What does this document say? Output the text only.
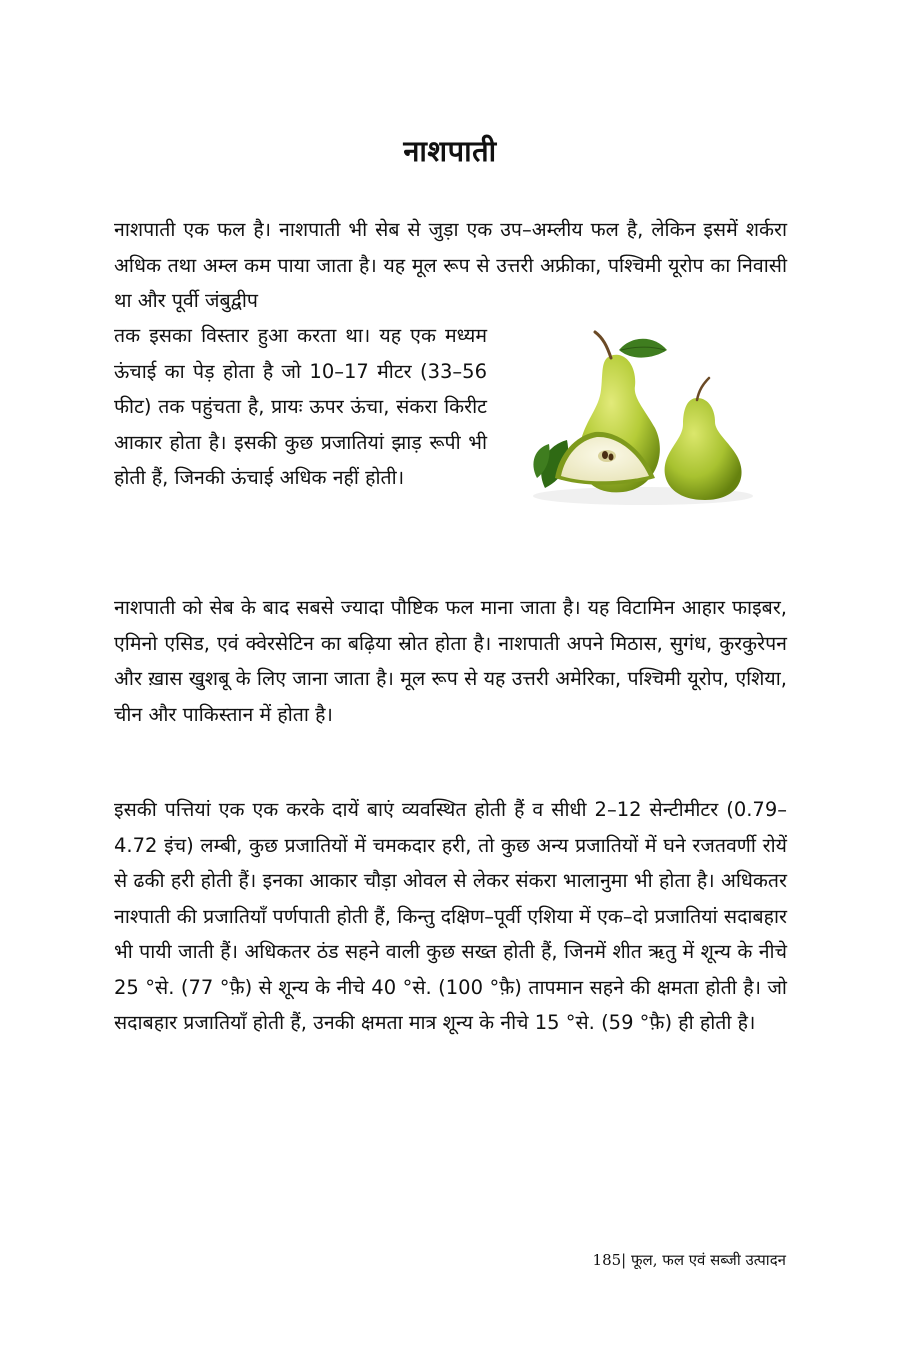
नाशपाती

नाशपाती एक फल है। नाशपाती भी सेब से जुड़ा एक उप–अम्लीय फल है, लेकिन इसमें शर्करा अधिक तथा अम्ल कम पाया जाता है। यह मूल रूप से उत्तरी अफ्रीका, पश्चिमी यूरोप का निवासी था और पूर्वी जंबुद्वीप

तक इसका विस्तार हुआ करता था। यह एक मध्यम ऊंचाई का पेड़ होता है जो 10–17 मीटर (33–56 फीट) तक पहुंचता है, प्रायः ऊपर ऊंचा, संकरा किरीट आकार होता है। इसकी कुछ प्रजातियां झाड़ रूपी भी होती हैं, जिनकी ऊंचाई अधिक नहीं होती।

नाशपाती को सेब के बाद सबसे ज्यादा पौष्टिक फल माना जाता है। यह विटामिन आहार फाइबर, एमिनो एसिड, एवं क्वेरसेटिन का बढ़िया स्रोत होता है। नाशपाती अपने मिठास, सुगंध, कुरकुरेपन और ख़ास खुशबू के लिए जाना जाता है। मूल रूप से यह उत्तरी अमेरिका, पश्चिमी यूरोप, एशिया, चीन और पाकिस्तान में होता है।

इसकी पत्तियां एक एक करके दायें बाएं व्यवस्थित होती हैं व सीधी 2–12 सेन्टीमीटर (0.79–4.72 इंच) लम्बी, कुछ प्रजातियों में चमकदार हरी, तो कुछ अन्य प्रजातियों में घने रजतवर्णी रोयें से ढकी हरी होती हैं। इनका आकार चौड़ा ओवल से लेकर संकरा भालानुमा भी होता है। अधिकतर नाश्पाती की प्रजातियाँ पर्णपाती होती हैं, किन्तु दक्षिण–पूर्वी एशिया में एक–दो प्रजातियां सदाबहार भी पायी जाती हैं। अधिकतर ठंड सहने वाली कुछ सख्त होती हैं, जिनमें शीत ऋतु में शून्य के नीचे 25 °से. (77 °फ़ै) से शून्य के नीचे 40 °से. (100 °फ़ै) तापमान सहने की क्षमता होती है। जो सदाबहार प्रजातियाँ होती हैं, उनकी क्षमता मात्र शून्य के नीचे 15 °से. (59 °फ़ै) ही होती है।

185| फूल, फल एवं सब्जी उत्पादन
